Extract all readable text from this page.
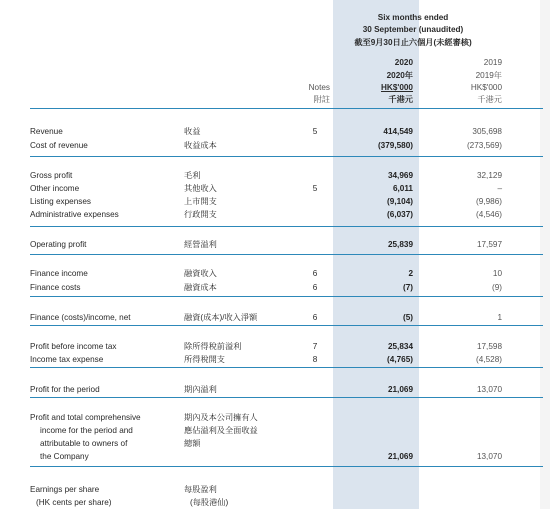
Six months ended
30 September (unaudited)
截至9月30日止六個月(未經審核)
2020
2020年
HK$'000
千港元
2019
2019年
HK$'000
千港元
Notes
附註
Revenue	收益	5	414,549	305,698
Cost of revenue	收益成本	(379,580)	(273,569)
Gross profit	毛利	34,969	32,129
Other income	其他收入	5	6,011	–
Listing expenses	上市開支	(9,104)	(9,986)
Administrative expenses	行政開支	(6,037)	(4,546)
Operating profit	經營溢利	25,839	17,597
Finance income	融資收入	6	2	10
Finance costs	融資成本	6	(7)	(9)
Finance (costs)/income, net	融資(成本)/收入淨額	6	(5)	1
Profit before income tax	除所得稅前溢利	7	25,834	17,598
Income tax expense	所得稅開支	8	(4,765)	(4,528)
Profit for the period	期內溢利	21,069	13,070
Profit and total comprehensive
income for the period and
attributable to owners of
the Company
期內及本公司擁有人
應佔溢利及全面收益
總額
21,069	13,070
Earnings per share
(HK cents per share)
每股盈利
(每股港仙)
